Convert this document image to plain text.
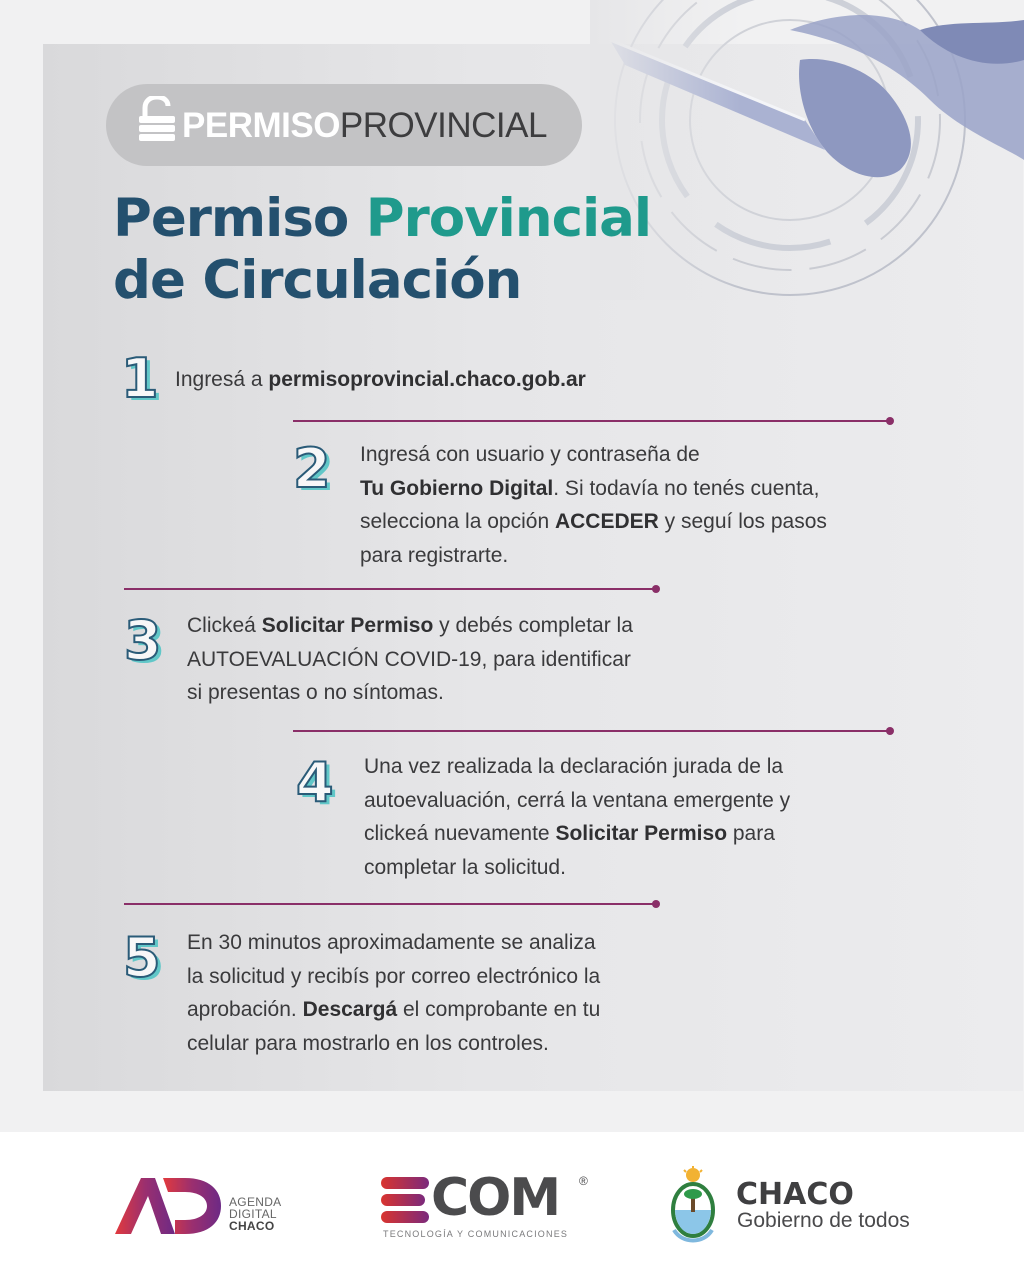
PERMISOPROVINCIAL
Permiso Provincial
de Circulación
1 Ingresá a permisoprovincial.chaco.gob.ar
2 Ingresá con usuario y contraseña de
Tu Gobierno Digital. Si todavía no tenés cuenta,
selecciona la opción ACCEDER y seguí los pasos
para registrarte.
3 Clickeá Solicitar Permiso y debés completar la
AUTOEVALUACIÓN COVID-19, para identificar
si presentas o no síntomas.
4 Una vez realizada la declaración jurada de la
autoevaluación, cerrá la ventana emergente y
clickeá nuevamente Solicitar Permiso para
completar la solicitud.
5 En 30 minutos aproximadamente se analiza
la solicitud y recibís por correo electrónico la
aprobación. Descargá el comprobante en tu
celular para mostrarlo en los controles.
AGENDA
DIGITAL
CHACO	COM ®
TECNOLOGÍA Y COMUNICACIONES
CHACO
Gobierno de todos
